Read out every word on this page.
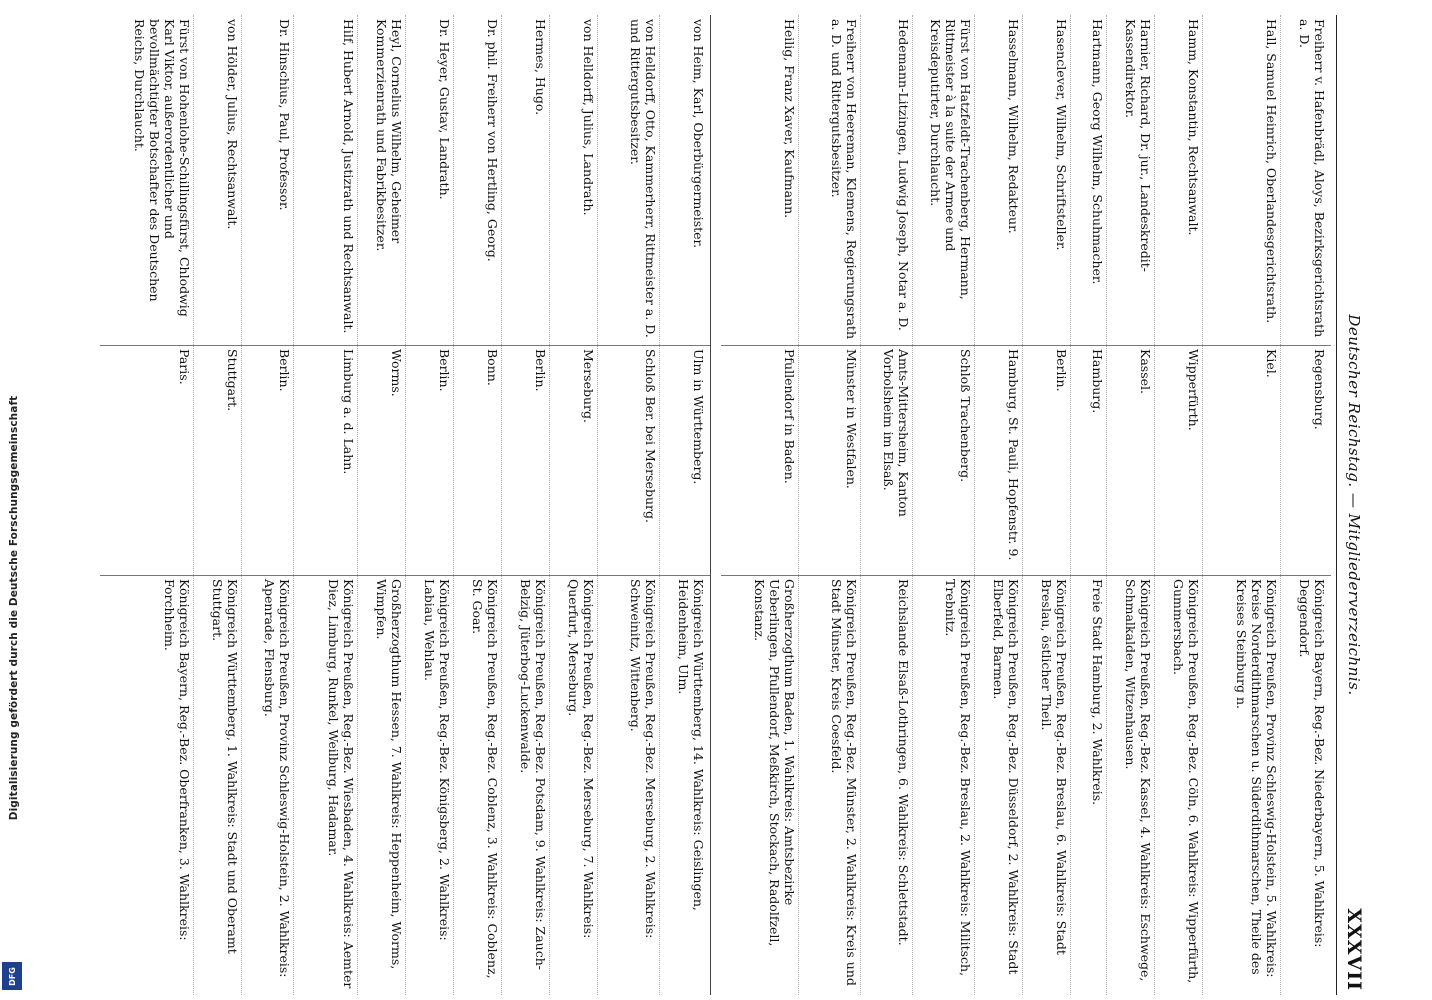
Digitalisierung gefördert durch die Deutsche Forschungsgemeinschaft
DFG
Deutscher Reichstag. — Mitgliederverzeichnis.
XXXVII
Freiherr v. Hafenbrädl, Aloys, Bezirksgerichtsrath a. D.
Regensburg.
Königreich Bayern, Reg.-Bez. Niederbayern, 5. Wahlkreis: Deggendorf.
Hall, Samuel Heinrich, Oberlandesgerichtsrath.
Kiel.
Königreich Preußen, Provinz Schleswig-Holstein, 5. Wahlkreis: Kreise Norderdithmarschen u. Süderdithmarschen, Theile des Kreises Steinburg n.
Hamm, Konstantin, Rechtsanwalt.
Wipperfürth.
Königreich Preußen, Reg.-Bez. Cöln, 6. Wahlkreis: Wipperfürth, Gummersbach.
Harnier, Richard, Dr. jur., Landeskredit-Kassendirektor.
Kassel.
Königreich Preußen, Reg.-Bez. Kassel, 4. Wahlkreis: Eschwege, Schmalkalden, Witzenhausen.
Hartmann, Georg Wilhelm, Schuhmacher.
Hamburg.
Freie Stadt Hamburg, 2. Wahlkreis.
Hasenclever, Wilhelm, Schriftsteller.
Berlin.
Königreich Preußen, Reg.-Bez. Breslau, 6. Wahlkreis: Stadt Breslau, östlicher Theil.
Hasselmann, Wilhelm, Redakteur.
Hamburg, St. Pauli, Hopfenstr. 9.
Königreich Preußen, Reg.-Bez. Düsseldorf, 2. Wahlkreis: Stadt Elberfeld, Barmen.
Fürst von Hatzfeldt-Trachenberg, Hermann, Rittmeister à la suite der Armee und Kreisdeputirter, Durchlaucht.
Schloß Trachenberg.
Königreich Preußen, Reg.-Bez. Breslau, 2. Wahlkreis: Militsch, Trebnitz.
Hedemann-Litzingen, Ludwig Joseph, Notar a. D.
Amts-Mittersheim, Kanton Vorbolsheim im Elsaß.
Reichslande Elsaß-Lothringen, 6. Wahlkreis: Schlettstadt.
Freiherr von Heereman, Klemens, Regierungsrath a. D. und Rittergutsbesitzer.
Münster in Westfalen.
Königreich Preußen, Reg.-Bez. Münster, 2. Wahlkreis: Kreis und Stadt Münster, Kreis Coesfeld.
Heilig, Franz Xaver, Kaufmann.
Pfullendorf in Baden.
Großherzogthum Baden, 1. Wahlkreis: Amtsbezirke Ueberlingen, Pfullendorf, Meßkirch, Stockach, Radolfzell, Konstanz.
von Heim, Karl, Oberbürgermeister.
Ulm in Württemberg.
Königreich Württemberg, 14. Wahlkreis: Geislingen, Heidenheim, Ulm.
von Helldorff, Otto, Kammerherr, Rittmeister a. D. und Rittergutsbesitzer.
Schloß Ber. bei Merseburg.
Königreich Preußen, Reg.-Bez. Merseburg, 2. Wahlkreis: Schweinitz, Wittenberg.
von Helldorff, Julius, Landrath.
Merseburg.
Königreich Preußen, Reg.-Bez. Merseburg, 7. Wahlkreis: Querfurt, Merseburg.
Hermes, Hugo.
Berlin.
Königreich Preußen, Reg.-Bez. Potsdam, 9. Wahlkreis: Zauch-Belzig, Jüterbog-Luckenwalde.
Dr. phil. Freiherr von Hertling, Georg.
Bonn.
Königreich Preußen, Reg.-Bez. Coblenz, 3. Wahlkreis: Coblenz, St. Goar.
Dr. Heyer, Gustav, Landrath.
Berlin.
Königreich Preußen, Reg.-Bez. Königsberg, 2. Wahlkreis: Labiau, Wehlau.
Heyl, Cornelius Wilhelm, Geheimer Kommerzienrath und Fabrikbesitzer.
Worms.
Großherzogthum Hessen, 7. Wahlkreis: Heppenheim, Worms, Wimpfen.
Hilf, Hubert Arnold, Justizrath und Rechtsanwalt.
Limburg a. d. Lahn.
Königreich Preußen, Reg.-Bez. Wiesbaden, 4. Wahlkreis: Aemter Diez, Limburg, Runkel, Weilburg, Hadamar.
Dr. Hinschius, Paul, Professor.
Berlin.
Königreich Preußen, Provinz Schleswig-Holstein, 2. Wahlkreis: Apenrade, Flensburg.
von Hölder, Julius, Rechtsanwalt.
Stuttgart.
Königreich Württemberg, 1. Wahlkreis: Stadt und Oberamt Stuttgart.
Fürst von Hohenlohe-Schillingsfürst, Chlodwig Karl Viktor, außerordentlicher und bevollmächtigter Botschafter des Deutschen Reichs, Durchlaucht.
Paris.
Königreich Bayern, Reg.-Bez. Oberfranken, 3. Wahlkreis: Forchheim.
